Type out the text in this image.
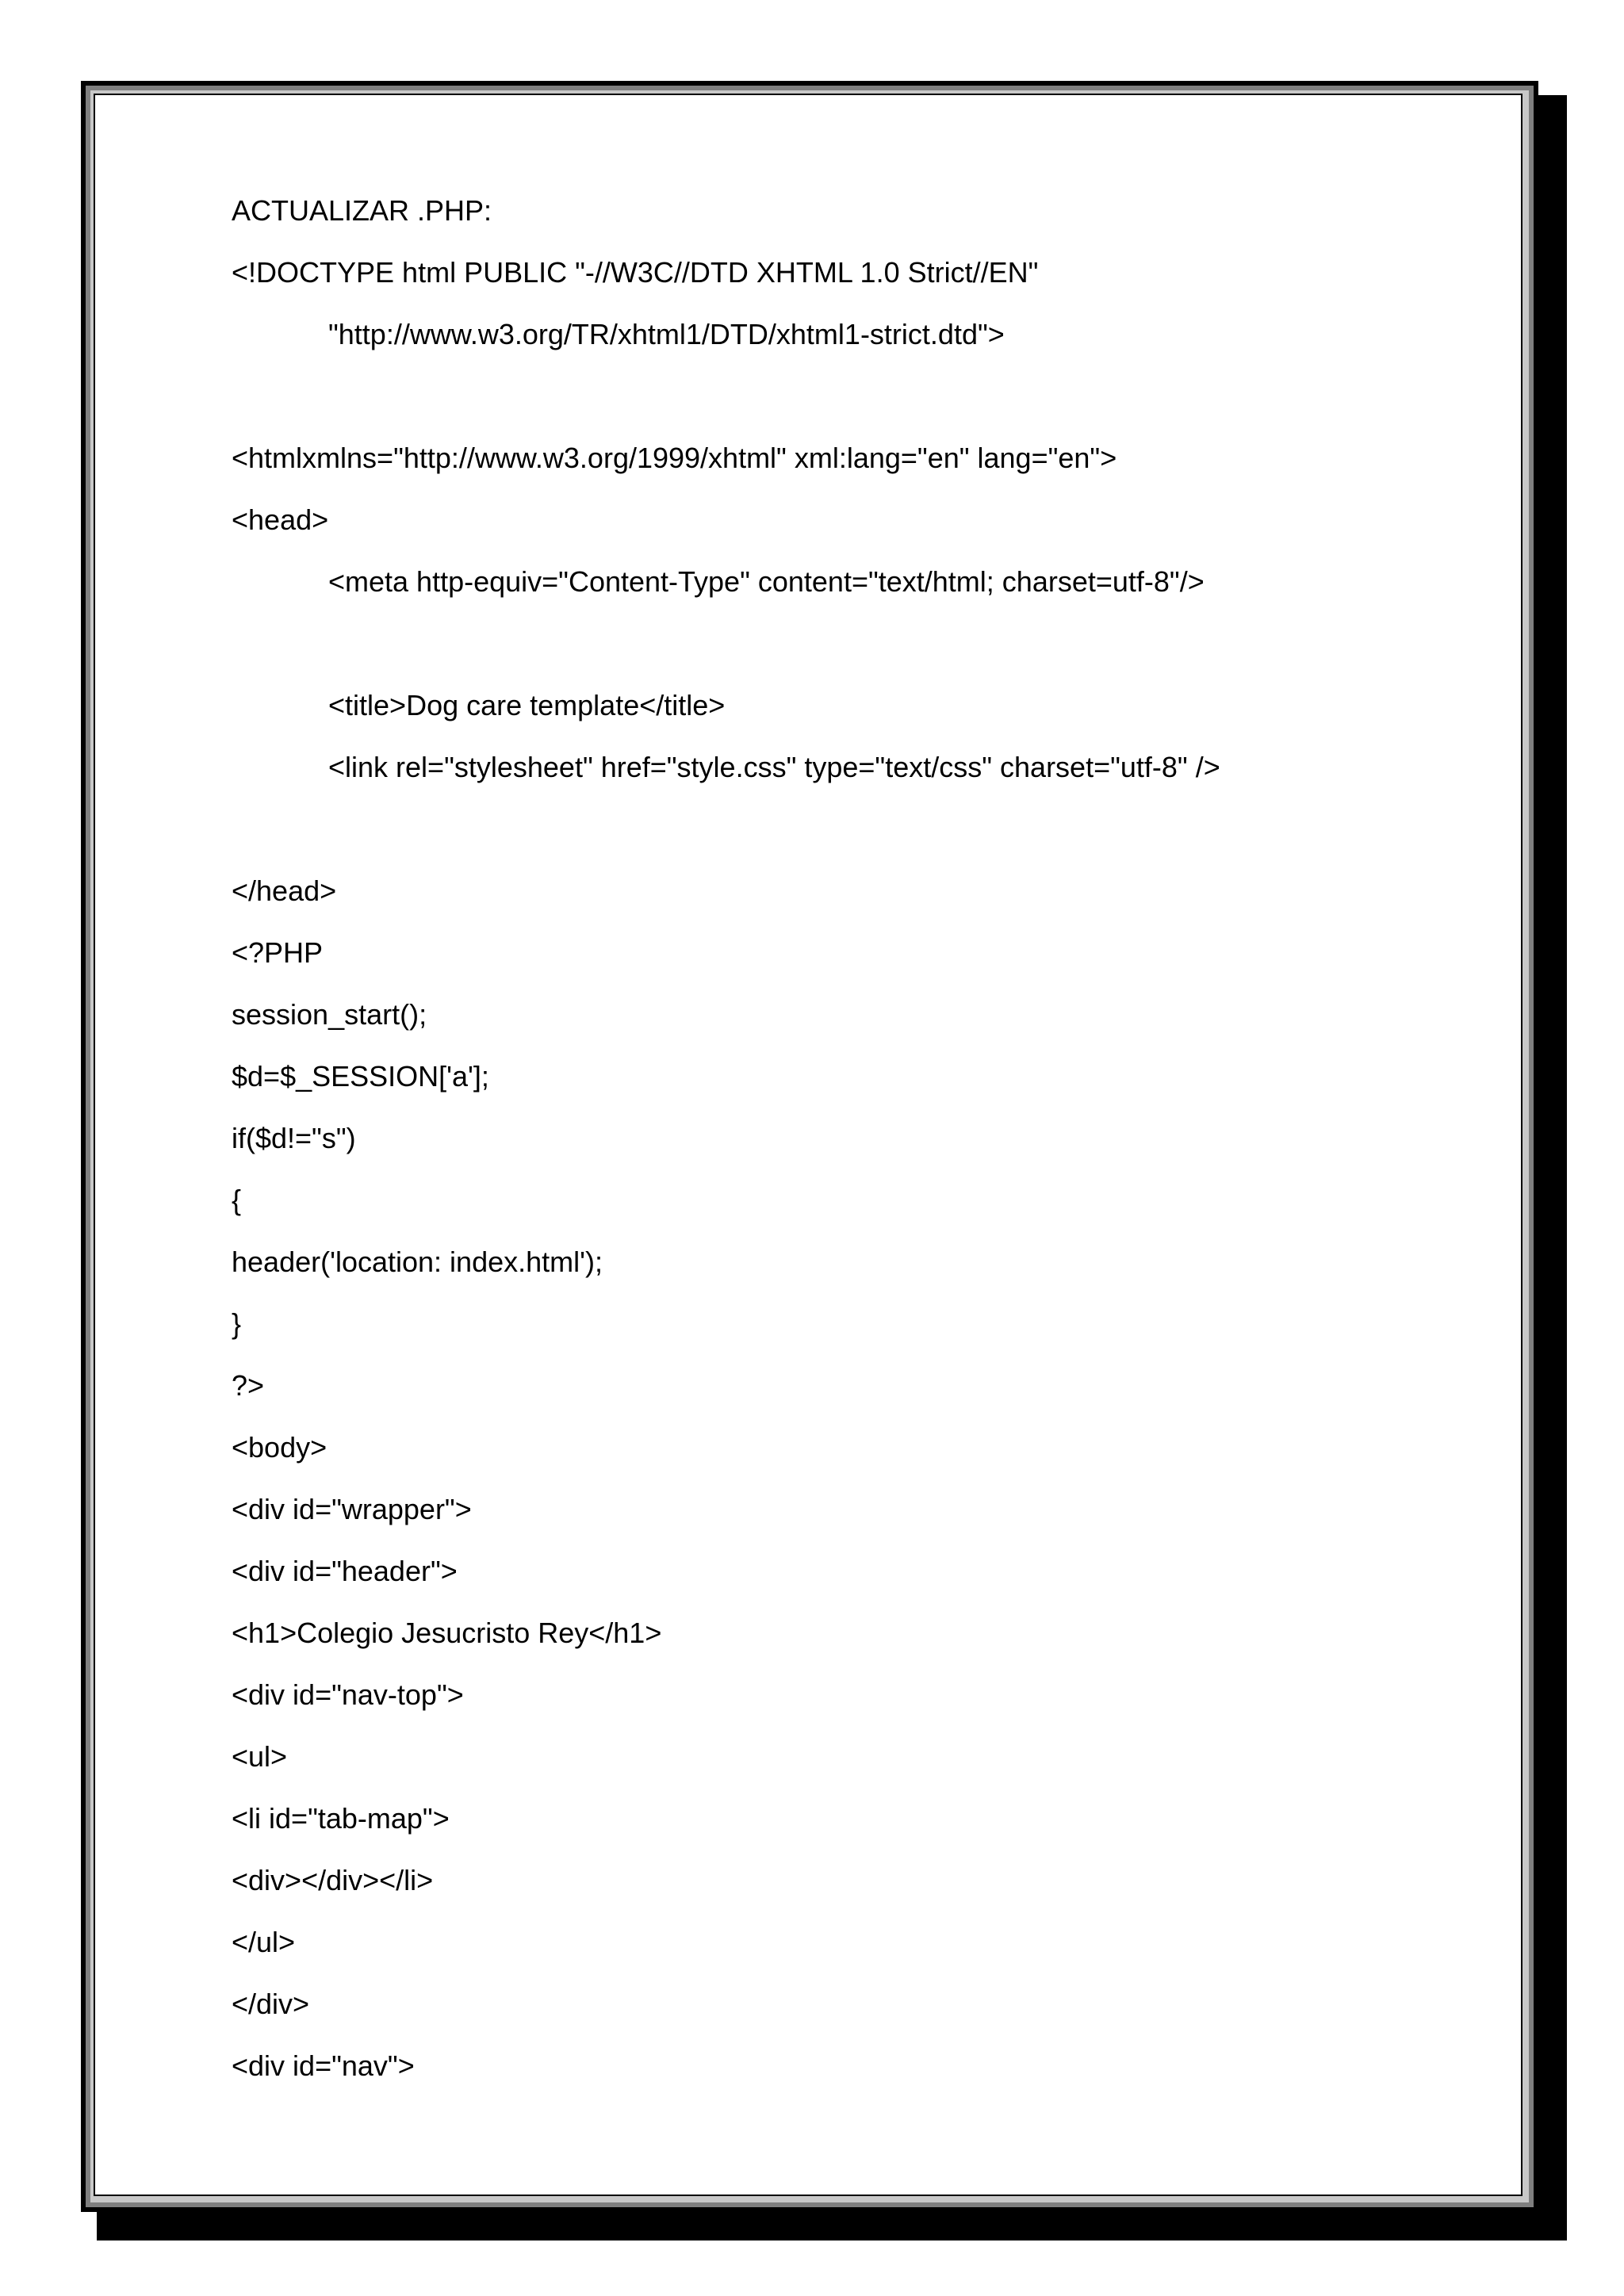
ACTUALIZAR .PHP:
<!DOCTYPE html PUBLIC "-//W3C//DTD XHTML 1.0 Strict//EN"
"http://www.w3.org/TR/xhtml1/DTD/xhtml1-strict.dtd">
<htmlxmlns="http://www.w3.org/1999/xhtml" xml:lang="en" lang="en">
<head>
<meta http-equiv="Content-Type" content="text/html; charset=utf-8"/>
<title>Dog care template</title>
<link rel="stylesheet" href="style.css" type="text/css" charset="utf-8" />
</head>
<?PHP
session_start();
$d=$_SESSION['a'];
if($d!="s")
{
header('location: index.html');
}
?>
<body>
<div id="wrapper">
<div id="header">
<h1>Colegio Jesucristo Rey</h1>
<div id="nav-top">
<ul>
<li id="tab-map">
<div></div></li>
</ul>
</div>
<div id="nav">
